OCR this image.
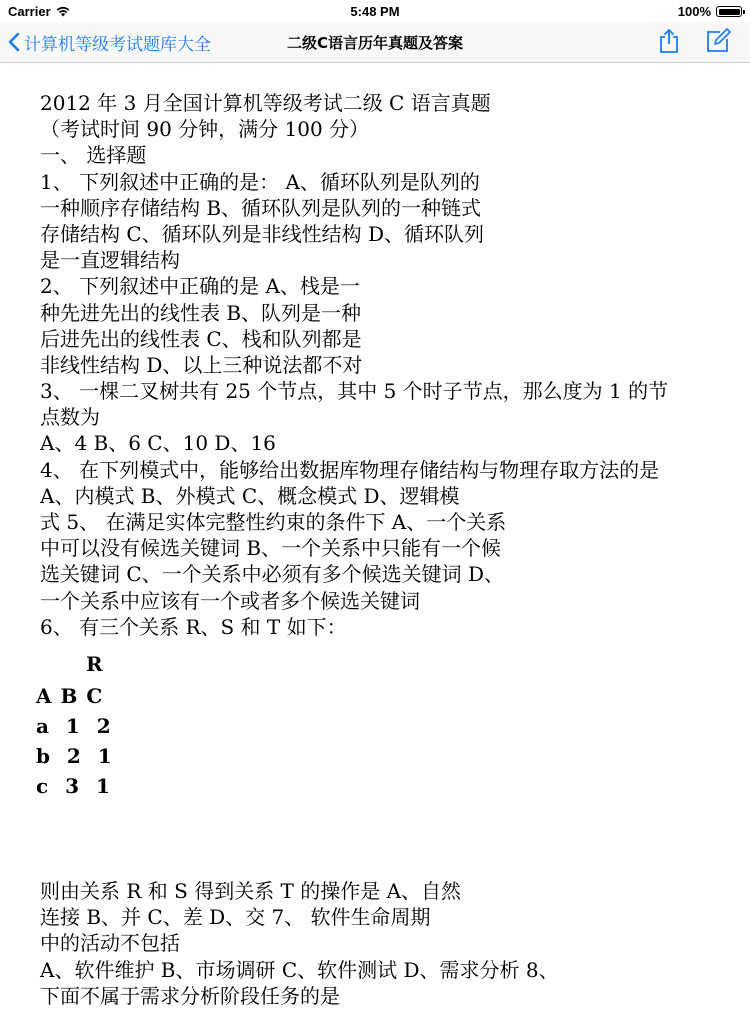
Carrier	5:48 PM	100%
计算机等级考试题库大全	二级C语言历年真题及答案
2012 年 3 月全国计算机等级考试二级 C 语言真题
（考试时间 90 分钟，满分 100 分）
一、 选择题
1、 下列叙述中正确的是： A、循环队列是队列的
一种顺序存储结构 B、循环队列是队列的一种链式
存储结构 C、循环队列是非线性结构 D、循环队列
是一直逻辑结构
2、 下列叙述中正确的是 A、栈是一
种先进先出的线性表 B、队列是一种
后进先出的线性表 C、栈和队列都是
非线性结构 D、以上三种说法都不对
3、 一棵二叉树共有 25 个节点，其中 5 个时子节点，那么度为 1 的节
点数为
A、4 B、6 C、10 D、16
4、 在下列模式中，能够给出数据库物理存储结构与物理存取方法的是
A、内模式 B、外模式 C、概念模式 D、逻辑模
式 5、 在满足实体完整性约束的条件下 A、一个关系
中可以没有候选关键词 B、一个关系中只能有一个候
选关键词 C、一个关系中必须有多个候选关键词 D、
一个关系中应该有一个或者多个候选关键词
6、 有三个关系 R、S 和 T 如下：
R
A B C
a  1  2
b  2  1
c  3  1
则由关系 R 和 S 得到关系 T 的操作是 A、自然
连接 B、并 C、差 D、交 7、 软件生命周期
中的活动不包括
A、软件维护 B、市场调研 C、软件测试 D、需求分析 8、
下面不属于需求分析阶段任务的是
